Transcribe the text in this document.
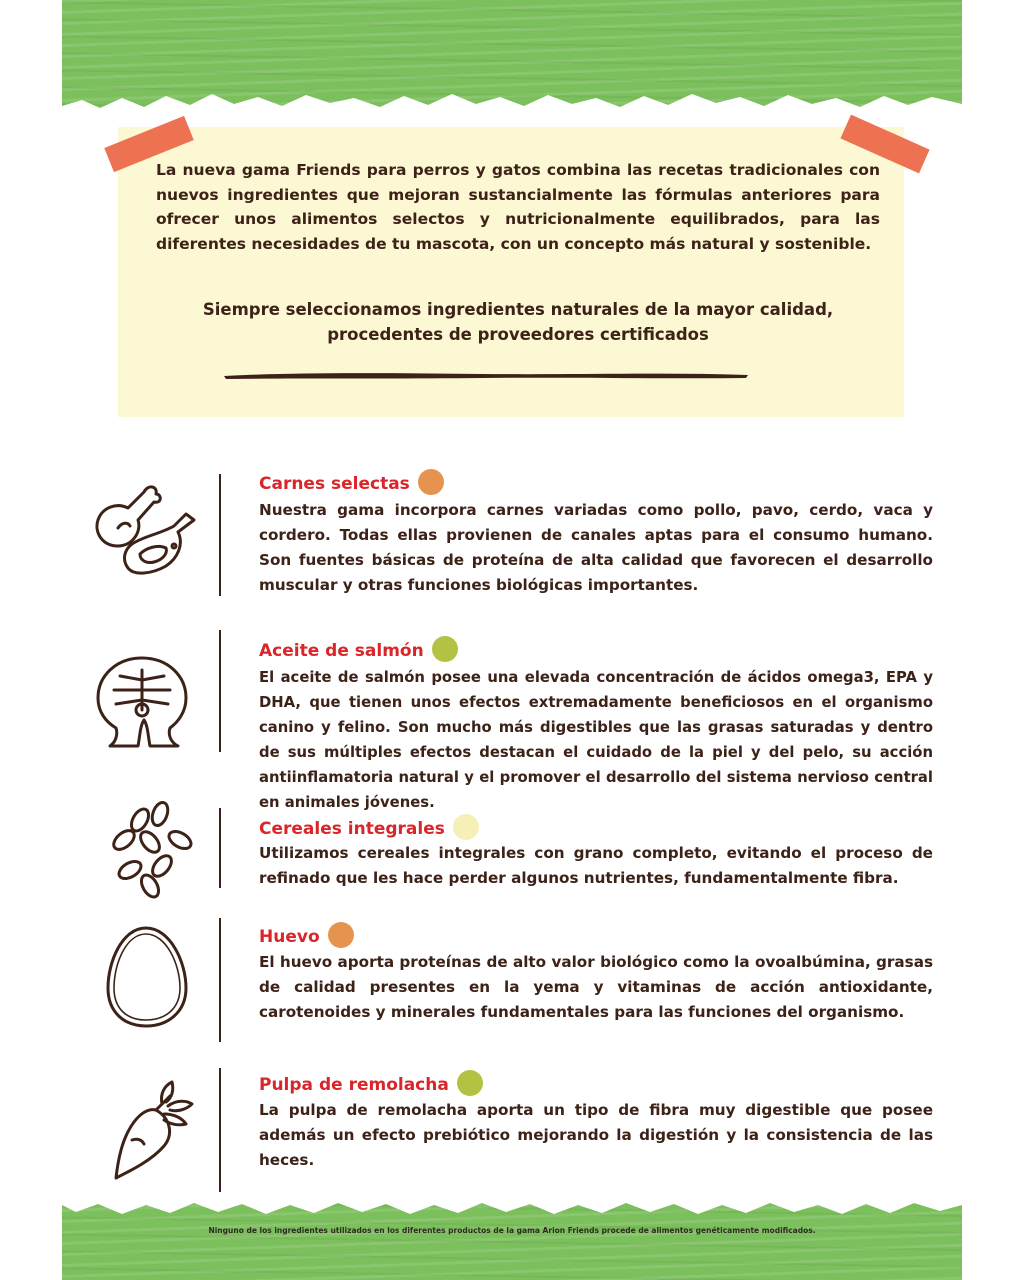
La nueva gama Friends para perros y gatos combina las recetas tradicionales con nuevos ingredientes que mejoran sustancialmente las fórmulas anteriores para ofrecer unos alimentos selectos y nutricionalmente equilibrados, para las diferentes necesidades de tu mascota, con un concepto más natural y sostenible.

Siempre seleccionamos ingredientes naturales de la mayor calidad, procedentes de proveedores certificados

Carnes selectas

Nuestra gama incorpora carnes variadas como pollo, pavo, cerdo, vaca y cordero. Todas ellas provienen de canales aptas para el consumo humano. Son fuentes básicas de proteína de alta calidad que favorecen el desarrollo muscular y otras funciones biológicas importantes.

Aceite de salmón

El aceite de salmón posee una elevada concentración de ácidos omega3, EPA y DHA, que tienen unos efectos extremadamente beneficiosos en el organismo canino y felino. Son mucho más digestibles que las grasas saturadas y dentro de sus múltiples efectos destacan el cuidado de la piel y del pelo, su acción antiinflamatoria natural y el promover el desarrollo del sistema nervioso central en animales jóvenes.

Cereales integrales

Utilizamos cereales integrales con grano completo, evitando el proceso de refinado que les hace perder algunos nutrientes, fundamentalmente fibra.

Huevo

El huevo aporta proteínas de alto valor biológico como la ovoalbúmina, grasas de calidad presentes en la yema y vitaminas de acción antioxidante, carotenoides y minerales fundamentales para las funciones del organismo.

Pulpa de remolacha

La pulpa de remolacha aporta un tipo de fibra muy digestible que posee además un efecto prebiótico mejorando la digestión y la consistencia de las heces.

Ninguno de los ingredientes utilizados en los diferentes productos de la gama Arion Friends procede de alimentos genéticamente modificados.
